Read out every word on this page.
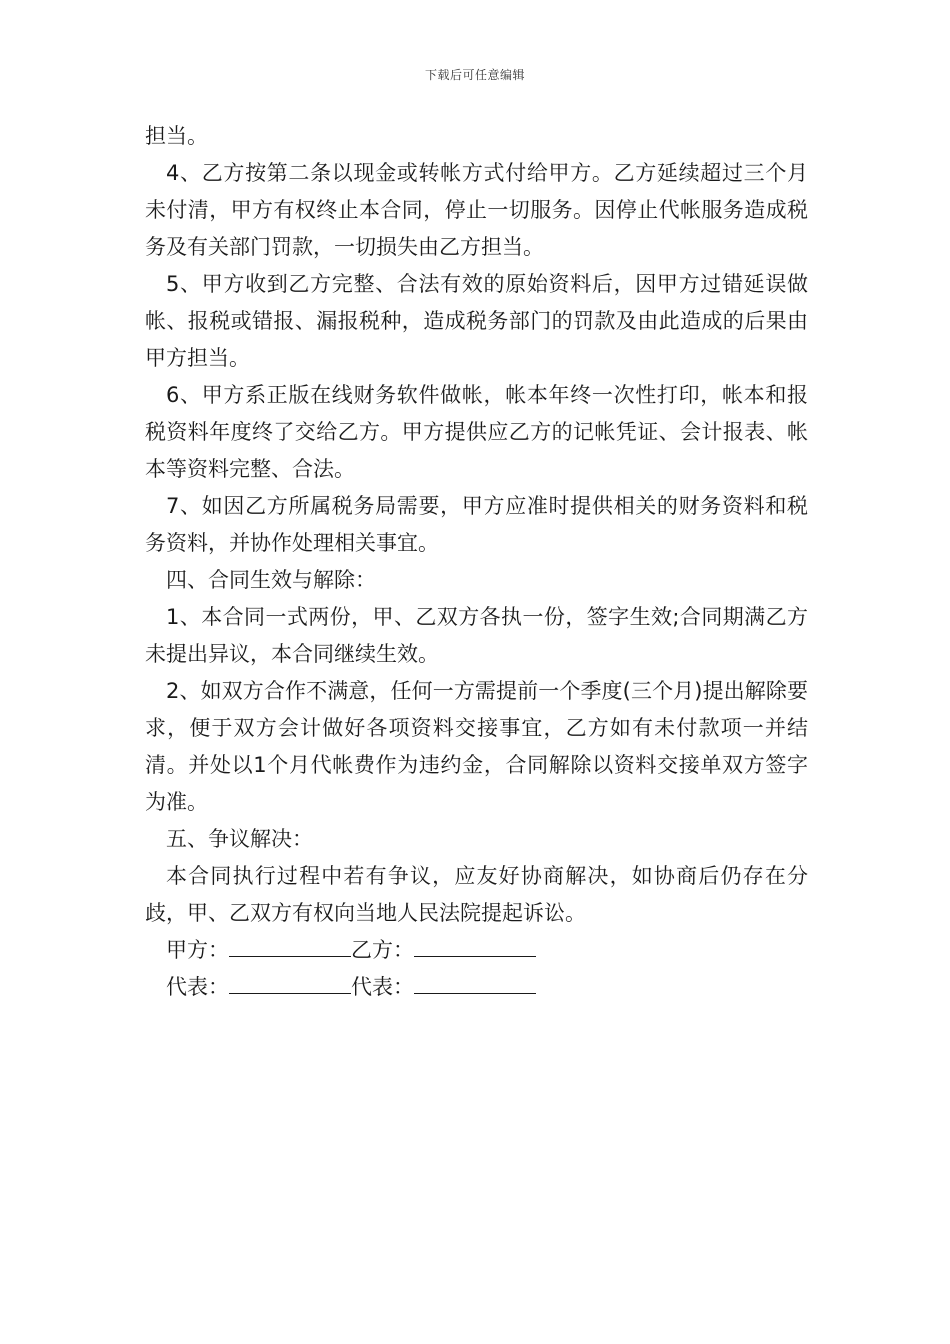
下载后可任意编辑

担当。

4、乙方按第二条以现金或转帐方式付给甲方。乙方延续超过三个月未付清，甲方有权终止本合同，停止一切服务。因停止代帐服务造成税务及有关部门罚款，一切损失由乙方担当。

5、甲方收到乙方完整、合法有效的原始资料后，因甲方过错延误做帐、报税或错报、漏报税种，造成税务部门的罚款及由此造成的后果由甲方担当。

6、甲方系正版在线财务软件做帐，帐本年终一次性打印，帐本和报税资料年度终了交给乙方。甲方提供应乙方的记帐凭证、会计报表、帐本等资料完整、合法。

7、如因乙方所属税务局需要，甲方应准时提供相关的财务资料和税务资料，并协作处理相关事宜。

四、合同生效与解除：

1、本合同一式两份，甲、乙双方各执一份，签字生效;合同期满乙方未提出异议，本合同继续生效。

2、如双方合作不满意，任何一方需提前一个季度(三个月)提出解除要求，便于双方会计做好各项资料交接事宜，乙方如有未付款项一并结清。并处以1个月代帐费作为违约金，合同解除以资料交接单双方签字为准。

五、争议解决：

本合同执行过程中若有争议，应友好协商解决，如协商后仍存在分歧，甲、乙双方有权向当地人民法院提起诉讼。

甲方：	乙方：

代表：	代表：
